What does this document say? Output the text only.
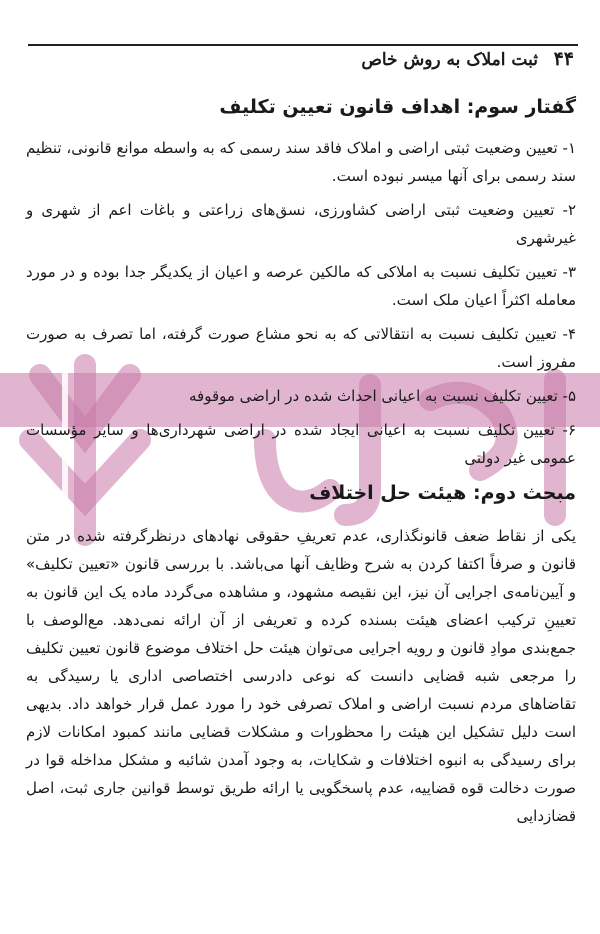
۴۴
ثبت املاک به روش خاص
گفتار سوم: اهداف قانون تعیین تکلیف

۱- تعیین وضعیت ثبتی اراضی و املاک فاقد سند رسمی که به واسطه موانع قانونی، تنظیم سند رسمی برای آنها میسر نبوده است.

۲- تعیین وضعیت ثبتی اراضی کشاورزی، نسق‌های زراعتی و باغات اعم از شهری و غیرشهری

۳- تعیین تکلیف نسبت به املاکی که مالکین عرصه و اعیان از یکدیگر جدا بوده و در مورد معامله اکثراً اعیان ملک است.

۴- تعیین تکلیف نسبت به انتقالاتی که به نحو مشاع صورت گرفته، اما تصرف به صورت مفروز است.

۵- تعیین تکلیف نسبت به اعیانی احداث شده در اراضی موقوفه

۶- تعیین تکلیف نسبت به اعیانی ایجاد شده در اراضی شهرداری‌ها و سایر مؤسسات عمومی غیر دولتی

مبحث دوم: هیئت حل اختلاف

یکی از نقاط ضعف قانونگذاری، عدم تعریفِ حقوقی نهادهای درنظرگرفته شده در متن قانون و صرفاً اکتفا کردن به شرح وظایف آنها می‌باشد. با بررسی قانون «تعیین تکلیف» و آیین‌نامه‌ی اجرایی آن نیز، این نقیصه مشهود، و مشاهده می‌گردد ماده یک این قانون به تعیینِ ترکیب اعضای هیئت بسنده کرده و تعریفی از آن ارائه نمی‌دهد. مع‌الوصف با جمع‌بندی موادِ قانون و رویه اجرایی می‌توان هیئت حل اختلاف موضوع قانون تعیین تکلیف را مرجعی شبه قضایی دانست که نوعی دادرسی اختصاصی اداری یا رسیدگی به تقاضاهای مردم نسبت اراضی و املاک تصرفی خود را مورد عمل قرار خواهد داد. بدیهی است دلیل تشکیل این هیئت را محظورات و مشکلات قضایی مانند کمبود امکانات لازم برای رسیدگی به انبوه اختلافات و شکایات، به وجود آمدن شائبه و مشکل مداخله قوا در صورت دخالت قوه قضاییه، عدم پاسخگویی یا ارائه طریق توسط قوانین جاری ثبت، اصل قضازدایی
